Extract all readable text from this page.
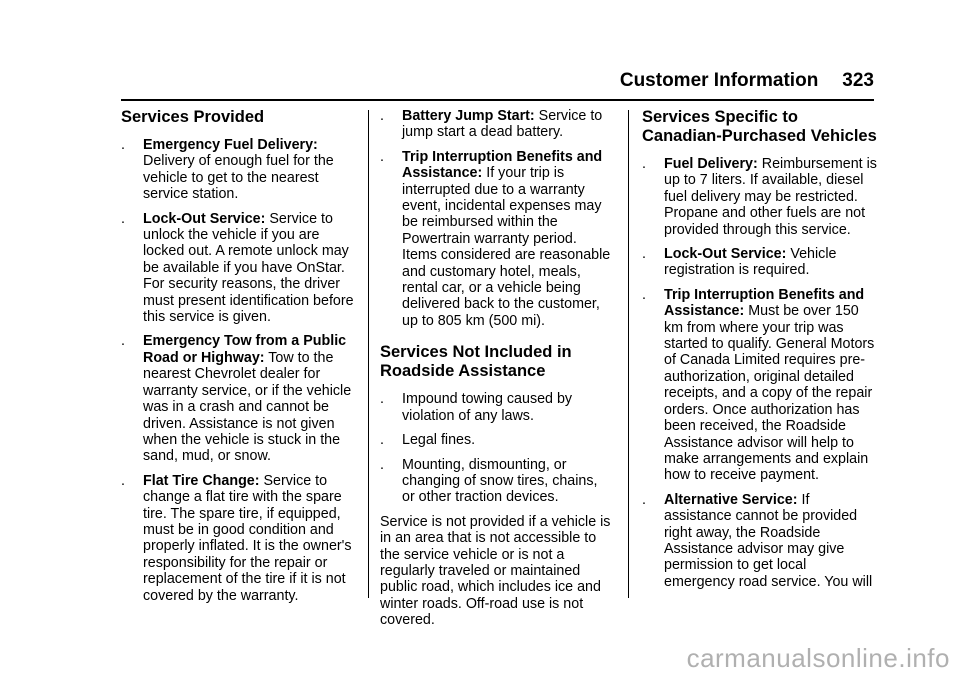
Customer Information 323
Services Provided
. Emergency Fuel Delivery:
Delivery of enough fuel for the vehicle to get to the nearest service station.
. Lock-Out Service: Service to unlock the vehicle if you are locked out. A remote unlock may be available if you have OnStar. For security reasons, the driver must present identification before this service is given.
. Emergency Tow from a Public Road or Highway: Tow to the nearest Chevrolet dealer for warranty service, or if the vehicle was in a crash and cannot be driven. Assistance is not given when the vehicle is stuck in the sand, mud, or snow.
. Flat Tire Change: Service to change a flat tire with the spare tire. The spare tire, if equipped, must be in good condition and properly inflated. It is the owner's responsibility for the repair or replacement of the tire if it is not covered by the warranty.
. Battery Jump Start: Service to jump start a dead battery.
. Trip Interruption Benefits and Assistance: If your trip is interrupted due to a warranty event, incidental expenses may be reimbursed within the Powertrain warranty period. Items considered are reasonable and customary hotel, meals, rental car, or a vehicle being delivered back to the customer, up to 805 km (500 mi).
Services Not Included in Roadside Assistance
. Impound towing caused by violation of any laws.
. Legal fines.
. Mounting, dismounting, or changing of snow tires, chains, or other traction devices.

Service is not provided if a vehicle is in an area that is not accessible to the service vehicle or is not a regularly traveled or maintained public road, which includes ice and winter roads. Off-road use is not covered.

Services Specific to Canadian-Purchased Vehicles
. Fuel Delivery: Reimbursement is up to 7 liters. If available, diesel fuel delivery may be restricted. Propane and other fuels are not provided through this service.
. Lock-Out Service: Vehicle registration is required.
. Trip Interruption Benefits and Assistance: Must be over 150 km from where your trip was started to qualify. General Motors of Canada Limited requires pre-authorization, original detailed receipts, and a copy of the repair orders. Once authorization has been received, the Roadside Assistance advisor will help to make arrangements and explain how to receive payment.
. Alternative Service: If assistance cannot be provided right away, the Roadside Assistance advisor may give permission to get local emergency road service. You will
carmanualsonline.info
